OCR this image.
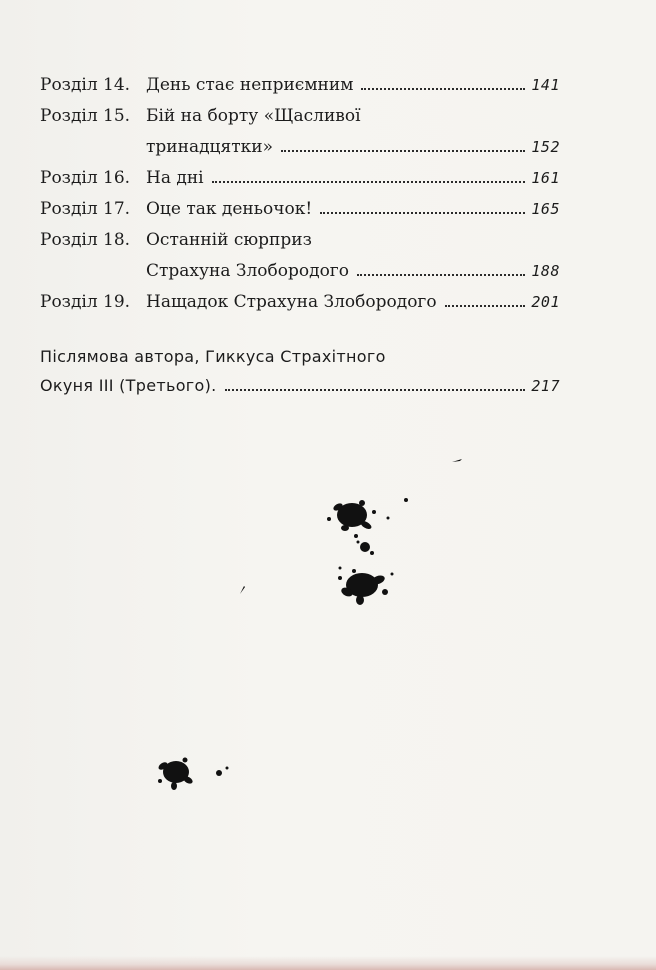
Розділ 14. День стає неприємним	141
Розділ 15. Бій на борту «Щасливої
тринадцятки»	152
Розділ 16. На дні	161
Розділ 17. Оце так деньочок!	165
Розділ 18. Останній сюрприз
Страхуна Злобородого	188
Розділ 19. Нащадок Страхуна Злобородого	201
Післямова автора, Гиккуса Страхітного
Окуня ІІІ (Третього).	217
